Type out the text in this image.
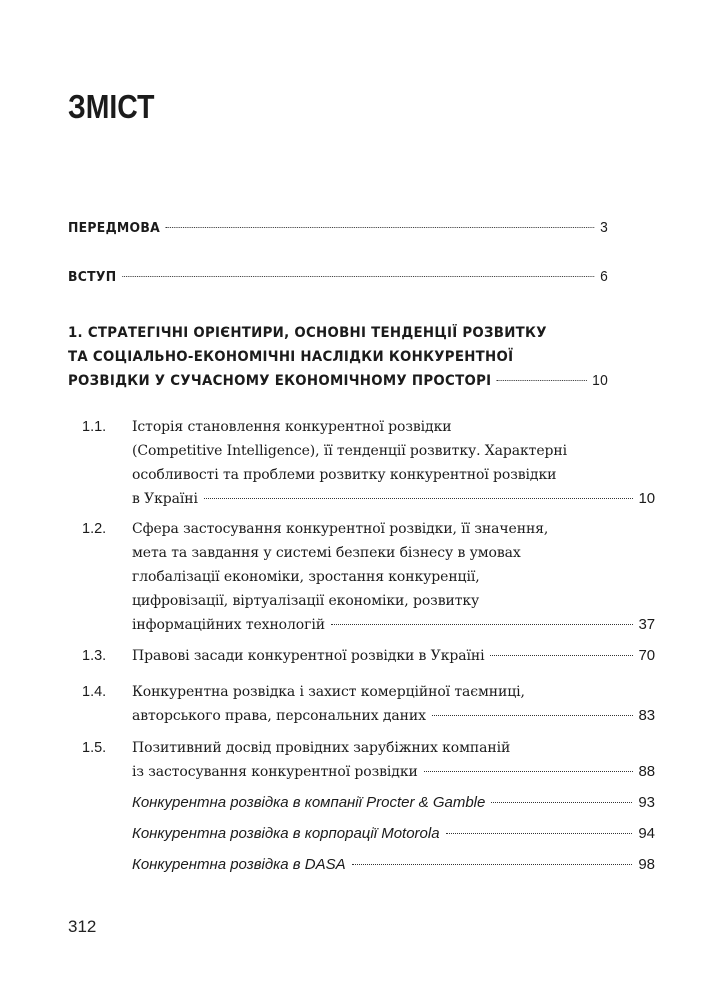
ЗМІСТ
ПЕРЕДМОВА	3
ВСТУП	6
1. СТРАТЕГІЧНІ ОРІЄНТИРИ, ОСНОВНІ ТЕНДЕНЦІЇ РОЗВИТКУ
ТА СОЦІАЛЬНО-ЕКОНОМІЧНІ НАСЛІДКИ КОНКУРЕНТНОЇ
РОЗВІДКИ У СУЧАСНОМУ ЕКОНОМІЧНОМУ ПРОСТОРІ	10
1.1. Історія становлення конкурентної розвідки
(Competitive Intelligence), її тенденції розвитку. Характерні
особливості та проблеми розвитку конкурентної розвідки
в Україні	10
1.2. Сфера застосування конкурентної розвідки, її значення,
мета та завдання у системі безпеки бізнесу в умовах
глобалізації економіки, зростання конкуренції,
цифровізації, віртуалізації економіки, розвитку
інформаційних технологій	37
1.3. Правові засади конкурентної розвідки в Україні	70
1.4. Конкурентна розвідка і захист комерційної таємниці,
авторського права, персональних даних	83
1.5. Позитивний досвід провідних зарубіжних компаній
із застосування конкурентної розвідки	88
Конкурентна розвідка в компанії Procter & Gamble	93
Конкурентна розвідка в корпорації Motorola	94
Конкурентна розвідка в DASA	98
312
